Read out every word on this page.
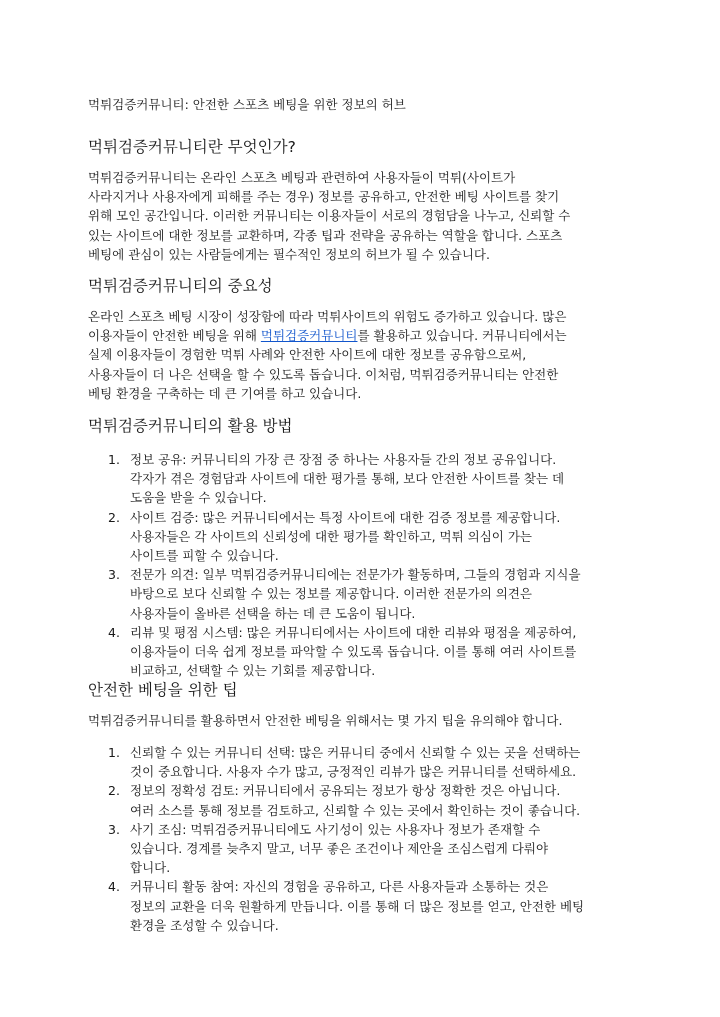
먹튀검증커뮤니티: 안전한 스포츠 베팅을 위한 정보의 허브
먹튀검증커뮤니티란 무엇인가?

먹튀검증커뮤니티는 온라인 스포츠 베팅과 관련하여 사용자들이 먹튀(사이트가
사라지거나 사용자에게 피해를 주는 경우) 정보를 공유하고, 안전한 베팅 사이트를 찾기
위해 모인 공간입니다. 이러한 커뮤니티는 이용자들이 서로의 경험담을 나누고, 신뢰할 수
있는 사이트에 대한 정보를 교환하며, 각종 팁과 전략을 공유하는 역할을 합니다. 스포츠
베팅에 관심이 있는 사람들에게는 필수적인 정보의 허브가 될 수 있습니다.

먹튀검증커뮤니티의 중요성

온라인 스포츠 베팅 시장이 성장함에 따라 먹튀사이트의 위험도 증가하고 있습니다. 많은
이용자들이 안전한 베팅을 위해 먹튀검증커뮤니티를 활용하고 있습니다. 커뮤니티에서는
실제 이용자들이 경험한 먹튀 사례와 안전한 사이트에 대한 정보를 공유함으로써,
사용자들이 더 나은 선택을 할 수 있도록 돕습니다. 이처럼, 먹튀검증커뮤니티는 안전한
베팅 환경을 구축하는 데 큰 기여를 하고 있습니다.

먹튀검증커뮤니티의 활용 방법
1. 정보 공유: 커뮤니티의 가장 큰 장점 중 하나는 사용자들 간의 정보 공유입니다.
각자가 겪은 경험담과 사이트에 대한 평가를 통해, 보다 안전한 사이트를 찾는 데
도움을 받을 수 있습니다.
2. 사이트 검증: 많은 커뮤니티에서는 특정 사이트에 대한 검증 정보를 제공합니다.
사용자들은 각 사이트의 신뢰성에 대한 평가를 확인하고, 먹튀 의심이 가는
사이트를 피할 수 있습니다.
3. 전문가 의견: 일부 먹튀검증커뮤니티에는 전문가가 활동하며, 그들의 경험과 지식을
바탕으로 보다 신뢰할 수 있는 정보를 제공합니다. 이러한 전문가의 의견은
사용자들이 올바른 선택을 하는 데 큰 도움이 됩니다.
4. 리뷰 및 평점 시스템: 많은 커뮤니티에서는 사이트에 대한 리뷰와 평점을 제공하여,
이용자들이 더욱 쉽게 정보를 파악할 수 있도록 돕습니다. 이를 통해 여러 사이트를
비교하고, 선택할 수 있는 기회를 제공합니다.
안전한 베팅을 위한 팁

먹튀검증커뮤니티를 활용하면서 안전한 베팅을 위해서는 몇 가지 팁을 유의해야 합니다.

1. 신뢰할 수 있는 커뮤니티 선택: 많은 커뮤니티 중에서 신뢰할 수 있는 곳을 선택하는
것이 중요합니다. 사용자 수가 많고, 긍정적인 리뷰가 많은 커뮤니티를 선택하세요.
2. 정보의 정확성 검토: 커뮤니티에서 공유되는 정보가 항상 정확한 것은 아닙니다.
여러 소스를 통해 정보를 검토하고, 신뢰할 수 있는 곳에서 확인하는 것이 좋습니다.
3. 사기 조심: 먹튀검증커뮤니티에도 사기성이 있는 사용자나 정보가 존재할 수
있습니다. 경계를 늦추지 말고, 너무 좋은 조건이나 제안을 조심스럽게 다뤄야
합니다.
4. 커뮤니티 활동 참여: 자신의 경험을 공유하고, 다른 사용자들과 소통하는 것은
정보의 교환을 더욱 원활하게 만듭니다. 이를 통해 더 많은 정보를 얻고, 안전한 베팅
환경을 조성할 수 있습니다.
